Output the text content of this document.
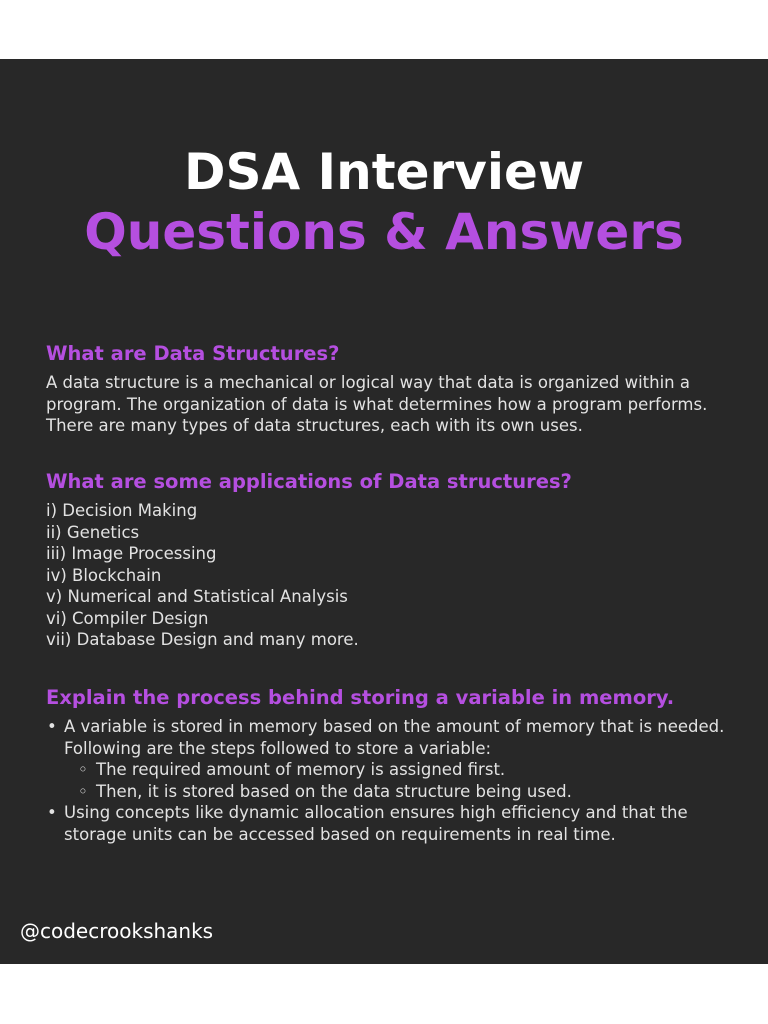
DSA Interview
Questions & Answers
What are Data Structures?

A data structure is a mechanical or logical way that data is organized within a program. The organization of data is what determines how a program performs. There are many types of data structures, each with its own uses.

What are some applications of Data structures?
i) Decision Making
ii) Genetics
iii) Image Processing
iv) Blockchain
v) Numerical and Statistical Analysis
vi) Compiler Design
vii) Database Design and many more.
Explain the process behind storing a variable in memory.
• A variable is stored in memory based on the amount of memory that is needed. Following are the steps followed to store a variable:
◦ The required amount of memory is assigned first.
◦ Then, it is stored based on the data structure being used.
• Using concepts like dynamic allocation ensures high efficiency and that the storage units can be accessed based on requirements in real time.
@codecrookshanks
